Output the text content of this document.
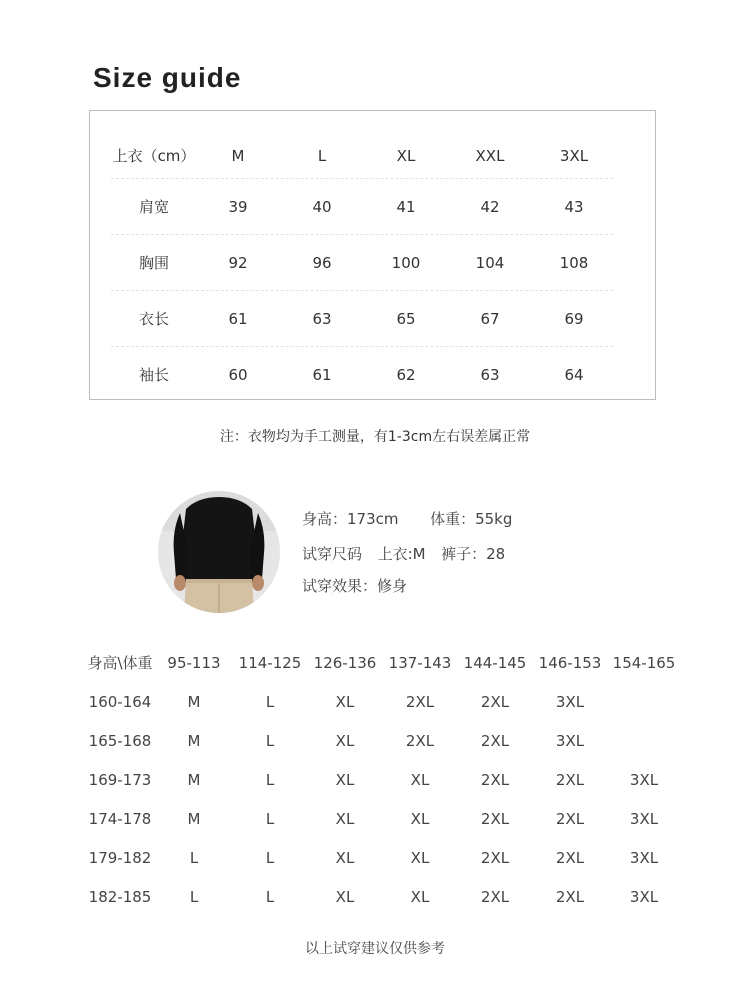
Size guide
上衣（cm）	M	L	XL	XXL	3XL
肩宽	39	40	41	42	43
胸围	92	96	100	104	108
衣长	61	63	65	67	69
袖长	60	61	62	63	64
注：衣物均为手工测量，有1-3cm左右误差属正常
身高：173cm 体重：55kg
试穿尺码 上衣:M 裤子：28
试穿效果：修身
身高\体重 95-113	114-125 126-136 137-143 144-145 146-153 154-165
160-164	M	L	XL	2XL	2XL	3XL
165-168	M	L	XL	2XL	2XL	3XL
169-173	M	L	XL	XL	2XL	2XL	3XL
174-178	M	L	XL	XL	2XL	2XL	3XL
179-182	L	L	XL	XL	2XL	2XL	3XL
182-185	L	L	XL	XL	2XL	2XL	3XL
以上试穿建议仅供参考
